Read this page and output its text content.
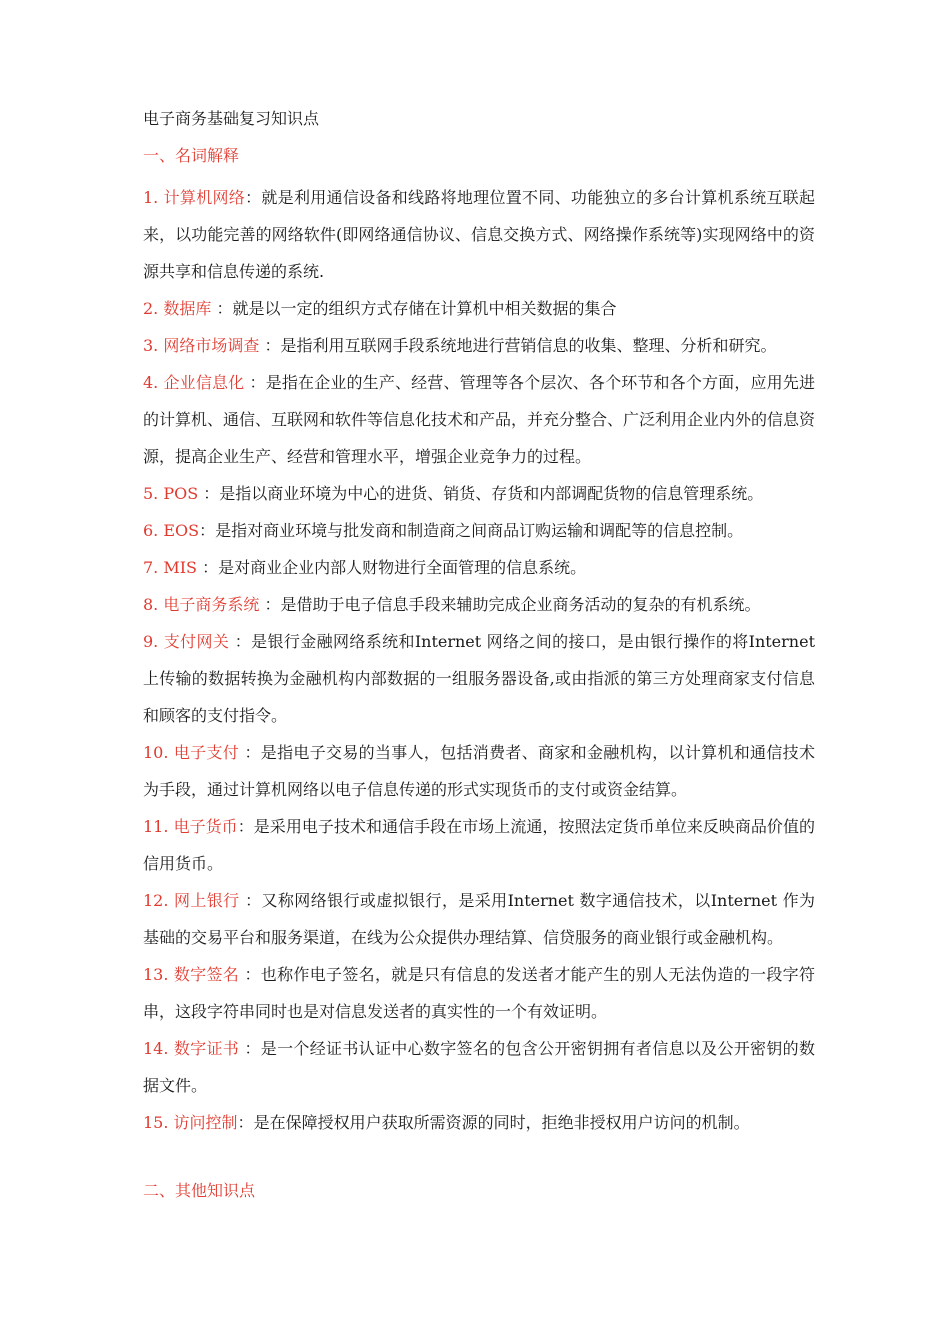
电子商务基础复习知识点
一、名词解释

1. 计算机网络：就是利用通信设备和线路将地理位置不同、功能独立的多台计算机系统互联起来，以功能完善的网络软件(即网络通信协议、信息交换方式、网络操作系统等)实现网络中的资源共享和信息传递的系统.

2. 数据库 ：就是以一定的组织方式存储在计算机中相关数据的集合

3. 网络市场调查 ：是指利用互联网手段系统地进行营销信息的收集、整理、分析和研究。

4. 企业信息化 ：是指在企业的生产、经营、管理等各个层次、各个环节和各个方面，应用先进的计算机、通信、互联网和软件等信息化技术和产品，并充分整合、广泛利用企业内外的信息资源，提高企业生产、经营和管理水平，增强企业竞争力的过程。

5. POS ：是指以商业环境为中心的进货、销货、存货和内部调配货物的信息管理系统。

6. EOS：是指对商业环境与批发商和制造商之间商品订购运输和调配等的信息控制。

7. MIS ：是对商业企业内部人财物进行全面管理的信息系统。

8. 电子商务系统 ：是借助于电子信息手段来辅助完成企业商务活动的复杂的有机系统。

9. 支付网关 ：是银行金融网络系统和Internet 网络之间的接口，是由银行操作的将Internet 上传输的数据转换为金融机构内部数据的一组服务器设备,或由指派的第三方处理商家支付信息和顾客的支付指令。

10. 电子支付 ：是指电子交易的当事人，包括消费者、商家和金融机构，以计算机和通信技术为手段，通过计算机网络以电子信息传递的形式实现货币的支付或资金结算。

11. 电子货币：是采用电子技术和通信手段在市场上流通，按照法定货币单位来反映商品价值的信用货币。

12. 网上银行 ：又称网络银行或虚拟银行，是采用Internet 数字通信技术，以Internet 作为基础的交易平台和服务渠道，在线为公众提供办理结算、信贷服务的商业银行或金融机构。

13. 数字签名 ：也称作电子签名，就是只有信息的发送者才能产生的别人无法伪造的一段字符串，这段字符串同时也是对信息发送者的真实性的一个有效证明。

14. 数字证书 ：是一个经证书认证中心数字签名的包含公开密钥拥有者信息以及公开密钥的数据文件。

15. 访问控制：是在保障授权用户获取所需资源的同时，拒绝非授权用户访问的机制。

二、其他知识点
